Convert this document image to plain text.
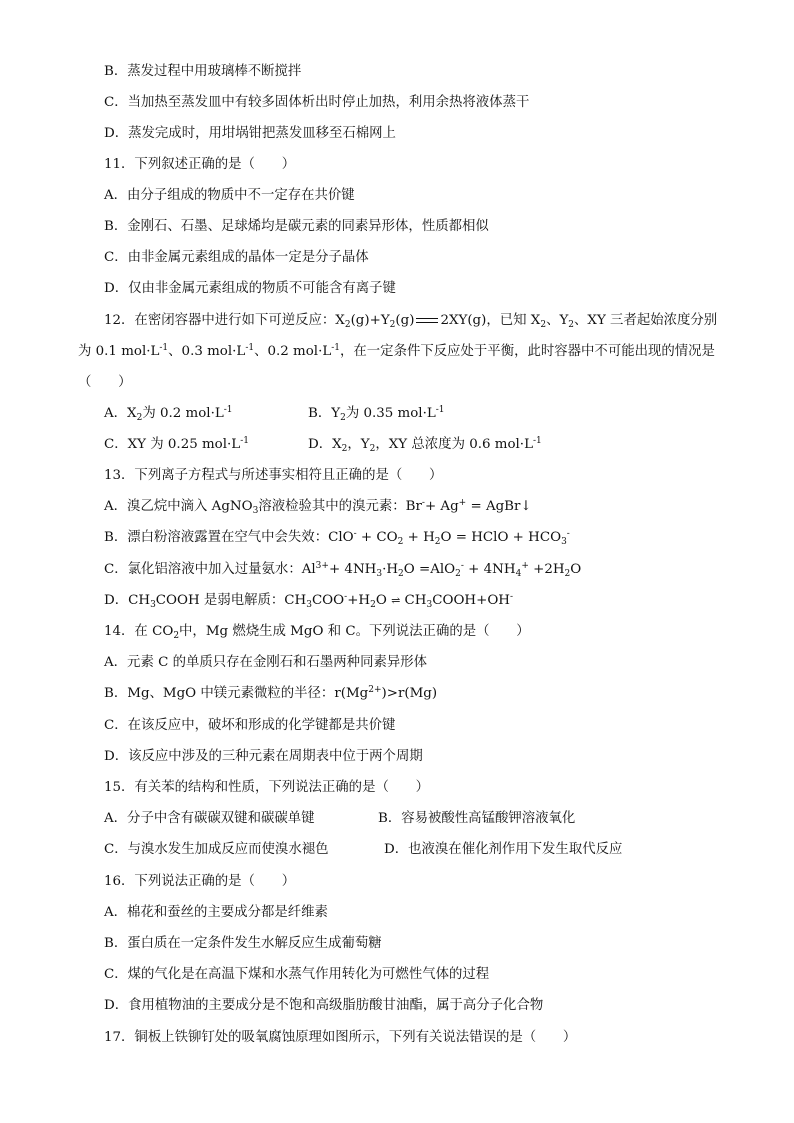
B．蒸发过程中用玻璃棒不断搅拌
C．当加热至蒸发皿中有较多固体析出时停止加热，利用余热将液体蒸干
D．蒸发完成时，用坩埚钳把蒸发皿移至石棉网上
11．下列叙述正确的是（　　）
A．由分子组成的物质中不一定存在共价键
B．金刚石、石墨、足球烯均是碳元素的同素异形体，性质都相似
C．由非金属元素组成的晶体一定是分子晶体
D．仅由非金属元素组成的物质不可能含有离子键
12．在密闭容器中进行如下可逆反应：$X_2(g)+Y_2(g)$ 2XY(g)，已知 $X_2$、$Y_2$、XY 三者起始浓度分别
为 0.1 $mol\cdot L^{-1}$、0.3 $mol\cdot L^{-1}$、0.2 $mol\cdot L^{-1}$，在一定条件下反应处于平衡，此时容器中不可能出现的情况是
（　　）
A．$X_2$为 0.2 $mol\cdot L^{-1}$	B．$Y_2$为 0.35 $mol\cdot L^{-1}$
C．XY 为 0.25 $mol\cdot L^{-1}$	D．$X_2$，$Y_2$，XY 总浓度为 0.6 $mol\cdot L^{-1}$
13．下列离子方程式与所述事实相符且正确的是（　　）
A．溴乙烷中滴入 AgNO$_3$溶液检验其中的溴元素：Br-+ Ag+ = AgBr↓
B．漂白粉溶液露置在空气中会失效：$ClO^- + CO_2 + H_2O$ = HClO + $HCO_3^-$
C．氯化铝溶液中加入过量氨水：$Al^{3+}+ 4NH_3\cdot H_2O =AlO_2^- + 4NH_4^+ +2H_2O$
D．$CH_3COOH$ 是弱电解质：$CH_3COO^-+H_2O$ ⇌ $CH_3COOH+OH^-$
14．在 $CO_2$中，Mg 燃烧生成 MgO 和 C。下列说法正确的是（　　）
A．元素 C 的单质只存在金刚石和石墨两种同素异形体
B．Mg、MgO 中镁元素微粒的半径：$r(Mg^{2+})>r(Mg)$
C．在该反应中，破坏和形成的化学键都是共价键
D．该反应中涉及的三种元素在周期表中位于两个周期
15．有关苯的结构和性质，下列说法正确的是（　　）
A．分子中含有碳碳双键和碳碳单键	B．容易被酸性高锰酸钾溶液氧化
C．与溴水发生加成反应而使溴水褪色	D．也液溴在催化剂作用下发生取代反应
16．下列说法正确的是（　　）
A．棉花和蚕丝的主要成分都是纤维素
B．蛋白质在一定条件发生水解反应生成葡萄糖
C．煤的气化是在高温下煤和水蒸气作用转化为可燃性气体的过程
D．食用植物油的主要成分是不饱和高级脂肪酸甘油酯，属于高分子化合物
17．铜板上铁铆钉处的吸氧腐蚀原理如图所示，下列有关说法错误的是（　　）
